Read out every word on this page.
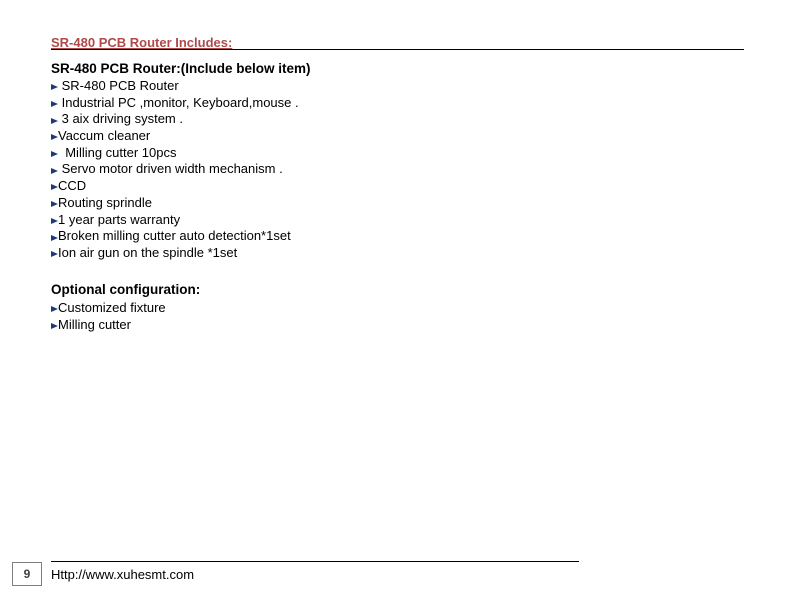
SR-480 PCB Router Includes:
SR-480 PCB Router:(Include below item)
SR-480 PCB Router
Industrial PC ,monitor, Keyboard,mouse .
3 aix driving system .
Vaccum cleaner
Milling cutter 10pcs
Servo motor driven width mechanism .
CCD
Routing sprindle
1 year parts warranty
Broken milling cutter auto detection*1set
Ion air gun on the spindle *1set
Optional configuration:
Customized fixture
Milling cutter
9	Http://www.xuhesmt.com
